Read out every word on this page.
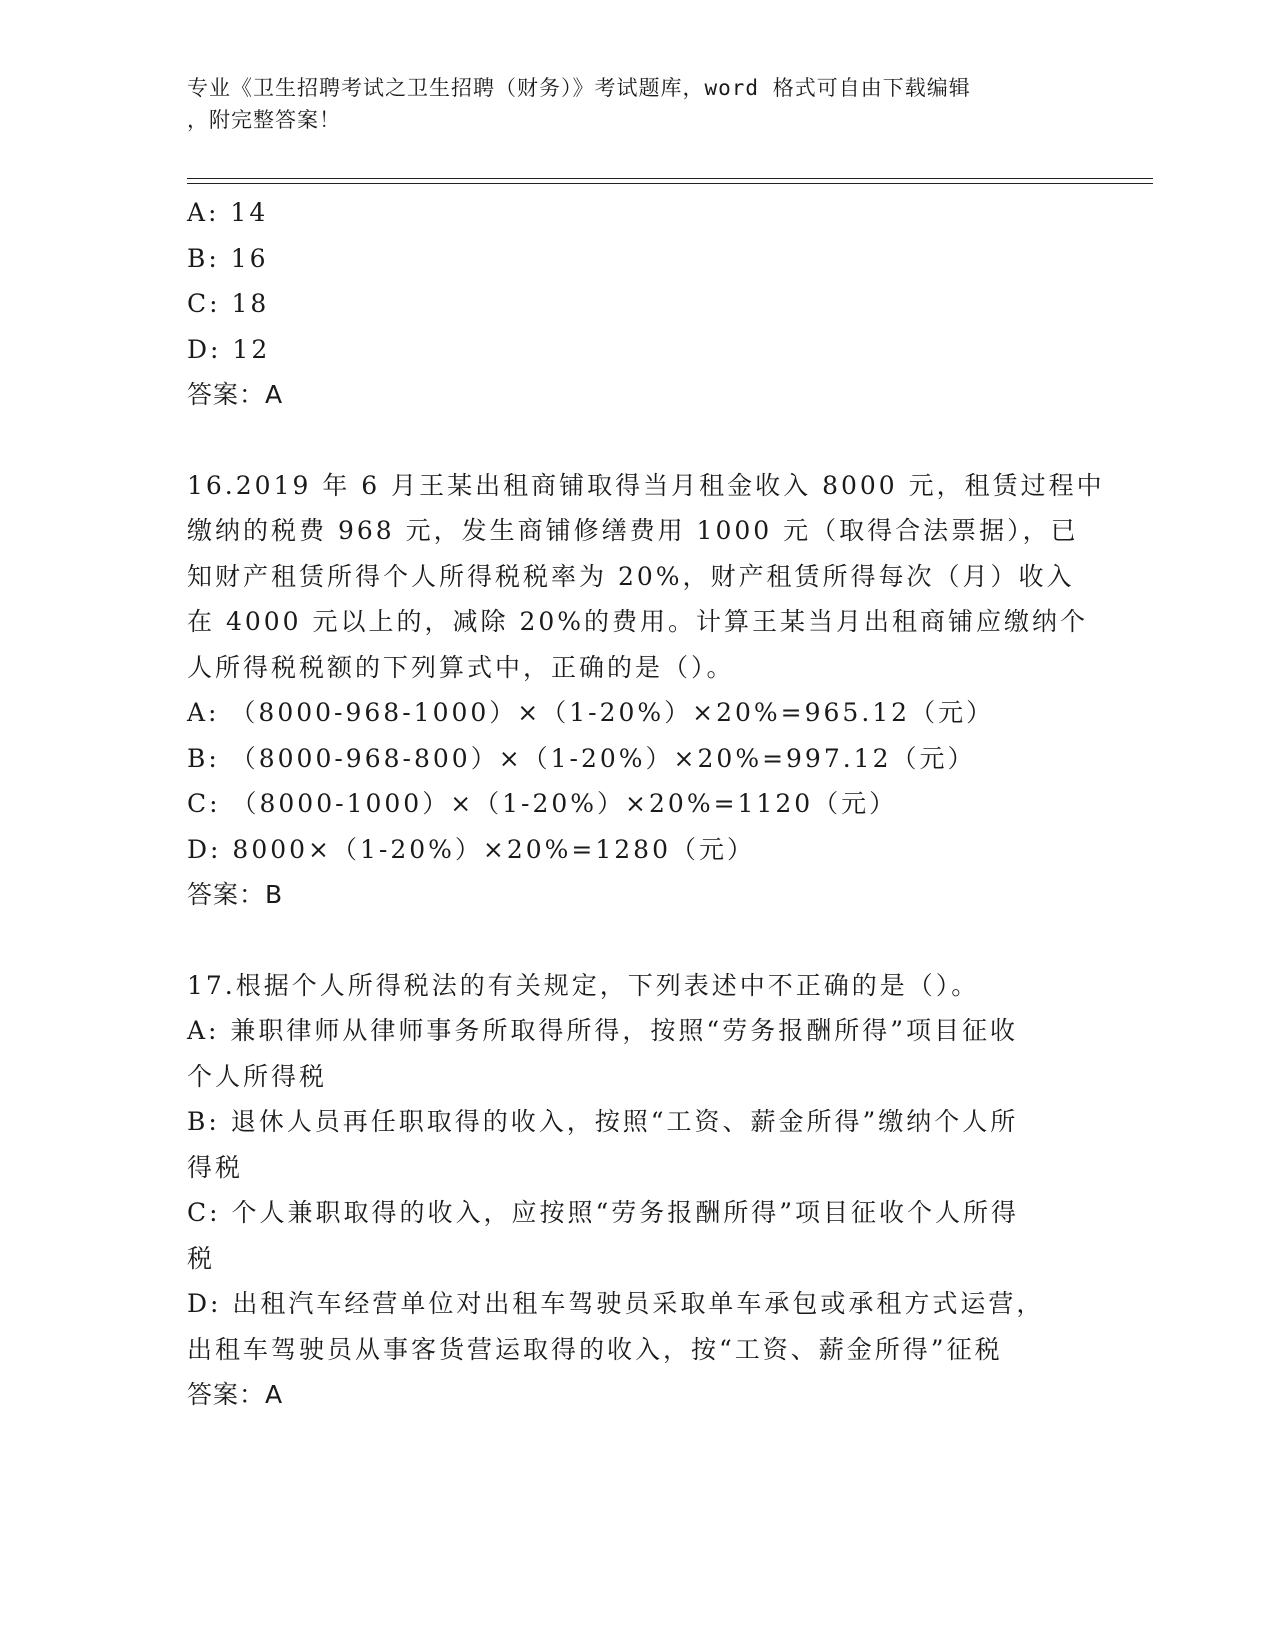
专业《卫生招聘考试之卫生招聘（财务）》考试题库，word 格式可自由下载编辑
，附完整答案！
A: 14
B: 16
C: 18
D: 12
答案：A
16.2019 年 6 月王某出租商铺取得当月租金收入 8000 元，租赁过程中
缴纳的税费 968 元，发生商铺修缮费用 1000 元（取得合法票据），已
知财产租赁所得个人所得税税率为 20%，财产租赁所得每次（月）收入
在 4000 元以上的，减除 20%的费用。计算王某当月出租商铺应缴纳个
人所得税税额的下列算式中，正确的是（）。
A: （8000-968-1000）×（1-20%）×20%=965.12（元）
B: （8000-968-800）×（1-20%）×20%=997.12（元）
C: （8000-1000）×（1-20%）×20%=1120（元）
D: 8000×（1-20%）×20%=1280（元）
答案：B
17.根据个人所得税法的有关规定，下列表述中不正确的是（）。
A: 兼职律师从律师事务所取得所得，按照“劳务报酬所得”项目征收
个人所得税
B: 退休人员再任职取得的收入，按照“工资、薪金所得”缴纳个人所
得税
C: 个人兼职取得的收入，应按照“劳务报酬所得”项目征收个人所得
税
D: 出租汽车经营单位对出租车驾驶员采取单车承包或承租方式运营，
出租车驾驶员从事客货营运取得的收入，按“工资、薪金所得”征税
答案：A
